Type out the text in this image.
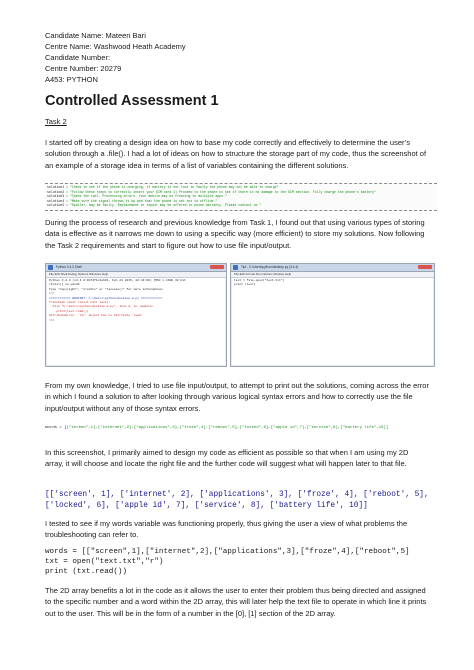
Candidate Name: Mateen Bari
Centre Name: Washwood Heath Academy
Candidate Number:
Centre Number: 20279
A453: PYTHON
Controlled Assessment 1
Task 2

I started off by creating a design idea on how to base my code correctly and effectively to determine the user’s solution through a .file(). I had a lot of ideas on how to structure the storage part of my code, thus the screenshot of an example of a storage idea in terms of a list of variables containing the different solutions.

solution1 = "Check to see if the phone is charging, if battery is not lost in faulty the phone may not be able to charge"
solution2 = "Follow these steps to correctly insert your SIM card 1) Proceed to the phone to see if there is no damage to the SIM section. Fully charge the phone's battery"
solution3 = "Check the tail. Processing errors. Your mobile may be freezing to multiple apps."
solution4 = "Make sure the signal thrown is up and that the phone is set not to offline."
solution5 = "Spoiler, may be faulty. Replacement or repair may be offered to phone warranty. Please contact us."

During the process of research and previous knowledge from Task 1, I found out that using various types of storing data is effective as it narrows me down to using a specific way (more efficient) to store my solutions. Now following the Task 2 requirements and start to figure out how to use file input/output.

Python 3.4.3 Shell
File Edit Shell Debug Options Windows Help
Python 3.4.3 (v3.4.3:9b73f1c3e601, Feb 24 2015, 22:43:06) [MSC v.1600 32 bit
(Intel)] on win32
Type "copyright", "credits" or "license()" for more information.
>>>
============ RESTART: C:\Users\python\desktop-2.py ============
Traceback (most recent call last):
File "C:\Users\python\desktop-2.py", line 2, in <module>
print(text.read())
AttributeError: 'str' object has no attribute 'read'
>>>
Tipt - C:\Users\python\desktop.py (3.4.4)
File Edit Format Run Options Window Help
text = file.open("text.txt")
print (text)

From my own knowledge, I tried to use file input/output, to attempt to print out the solutions, coming across the error in which I found a solution to after looking through various logical syntax errors and how to correctly use the file input/output without any of those syntax errors.

words = [["screen",1],["internet",2],["applications",3],["froze",4],["reboot",5],["locked",6],["apple id",7],["service",8],["battery life",10]]

In this screenshot, I primarily aimed to design my code as efficient as possible so that when I am using my 2D array, it will choose and locate the right file and the further code will suggest what will happen later to that file.

[['screen', 1], ['internet', 2], ['applications', 3], ['froze', 4], ['reboot', 5], ['locked', 6], ['apple id', 7], ['service', 8], ['battery life', 10]]

I tested to see if my words variable was functioning properly, thus giving the user a view of what problems the troubleshooting can refer to.

words = [["screen",1],["internet",2],["applications",3],["froze",4],["reboot",5]
txt = open("text.txt","r")
print (txt.read())

The 2D array benefits a lot in the code as it allows the user to enter their problem thus being directed and assigned to the specific number and a word within the 2D array, this will later help the text file to operate in which line it prints out to the user. This will be in the form of a number in the [0], [1] section of the 2D array.
